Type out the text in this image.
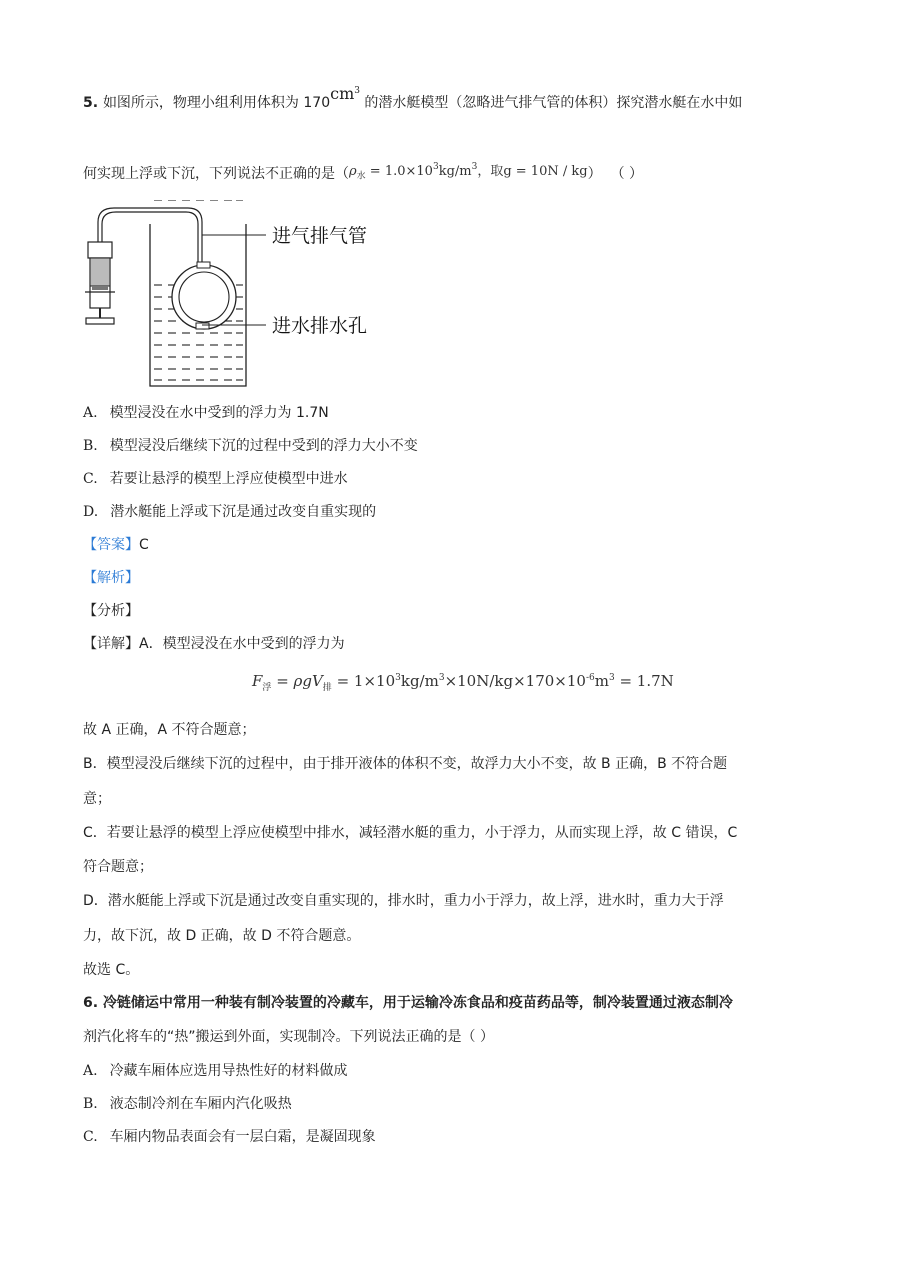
5. 如图所示，物理小组利用体积为 $170cm^3$ 的潜水艇模型（忽略进气排气管的体积）探究潜水艇在水中如
何实现上浮或下沉，下列说法不正确的是（$\rho_水 = 1.0\times 10^3kg/m^3$，取g = 10N / kg） （ ）
进气排气管
进水排水孔
A. 模型浸没在水中受到的浮力为 1.7N
B. 模型浸没后继续下沉的过程中受到的浮力大小不变
C. 若要让悬浮的模型上浮应使模型中进水
D. 潜水艇能上浮或下沉是通过改变自重实现的
【答案】C
【解析】
【分析】
【详解】A．模型浸没在水中受到的浮力为
$F_浮 = \rho gV_排 = 1\times 10^3kg/m^3\times 10N/kg\times 170\times 10^{-6}m^3 = 1.7N$
故 A 正确，A 不符合题意；
B．模型浸没后继续下沉的过程中，由于排开液体的体积不变，故浮力大小不变，故 B 正确，B 不符合题
意；
C．若要让悬浮的模型上浮应使模型中排水，减轻潜水艇的重力，小于浮力，从而实现上浮，故 C 错误，C
符合题意；
D．潜水艇能上浮或下沉是通过改变自重实现的，排水时，重力小于浮力，故上浮，进水时，重力大于浮
力，故下沉，故 D 正确，故 D 不符合题意。
故选 C。
6. 冷链储运中常用一种装有制冷装置的冷藏车，用于运输冷冻食品和疫苗药品等，制冷装置通过液态制冷
剂汽化将车的“热”搬运到外面，实现制冷。下列说法正确的是（ ）
A. 冷藏车厢体应选用导热性好的材料做成
B. 液态制冷剂在车厢内汽化吸热
C. 车厢内物品表面会有一层白霜，是凝固现象
